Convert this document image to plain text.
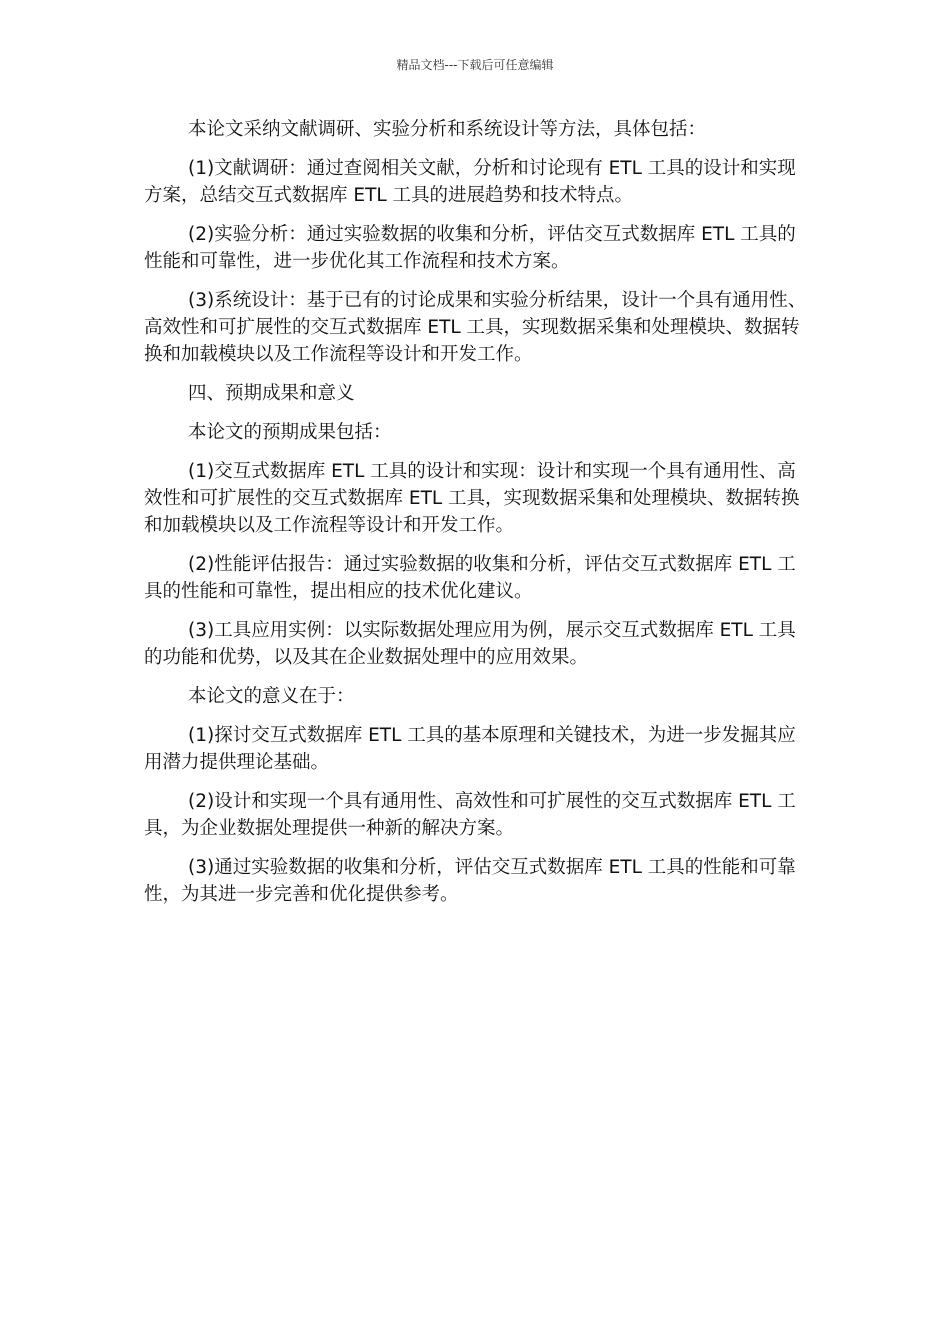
精品文档---下载后可任意编辑

本论文采纳文献调研、实验分析和系统设计等方法，具体包括：

(1)文献调研：通过查阅相关文献，分析和讨论现有 ETL 工具的设计和实现方案，总结交互式数据库 ETL 工具的进展趋势和技术特点。

(2)实验分析：通过实验数据的收集和分析，评估交互式数据库 ETL 工具的性能和可靠性，进一步优化其工作流程和技术方案。

(3)系统设计：基于已有的讨论成果和实验分析结果，设计一个具有通用性、高效性和可扩展性的交互式数据库 ETL 工具，实现数据采集和处理模块、数据转换和加载模块以及工作流程等设计和开发工作。

四、预期成果和意义

本论文的预期成果包括：

(1)交互式数据库 ETL 工具的设计和实现：设计和实现一个具有通用性、高效性和可扩展性的交互式数据库 ETL 工具，实现数据采集和处理模块、数据转换和加载模块以及工作流程等设计和开发工作。

(2)性能评估报告：通过实验数据的收集和分析，评估交互式数据库 ETL 工具的性能和可靠性，提出相应的技术优化建议。

(3)工具应用实例：以实际数据处理应用为例，展示交互式数据库 ETL 工具的功能和优势，以及其在企业数据处理中的应用效果。

本论文的意义在于：

(1)探讨交互式数据库 ETL 工具的基本原理和关键技术，为进一步发掘其应用潜力提供理论基础。

(2)设计和实现一个具有通用性、高效性和可扩展性的交互式数据库 ETL 工具，为企业数据处理提供一种新的解决方案。

(3)通过实验数据的收集和分析，评估交互式数据库 ETL 工具的性能和可靠性，为其进一步完善和优化提供参考。
